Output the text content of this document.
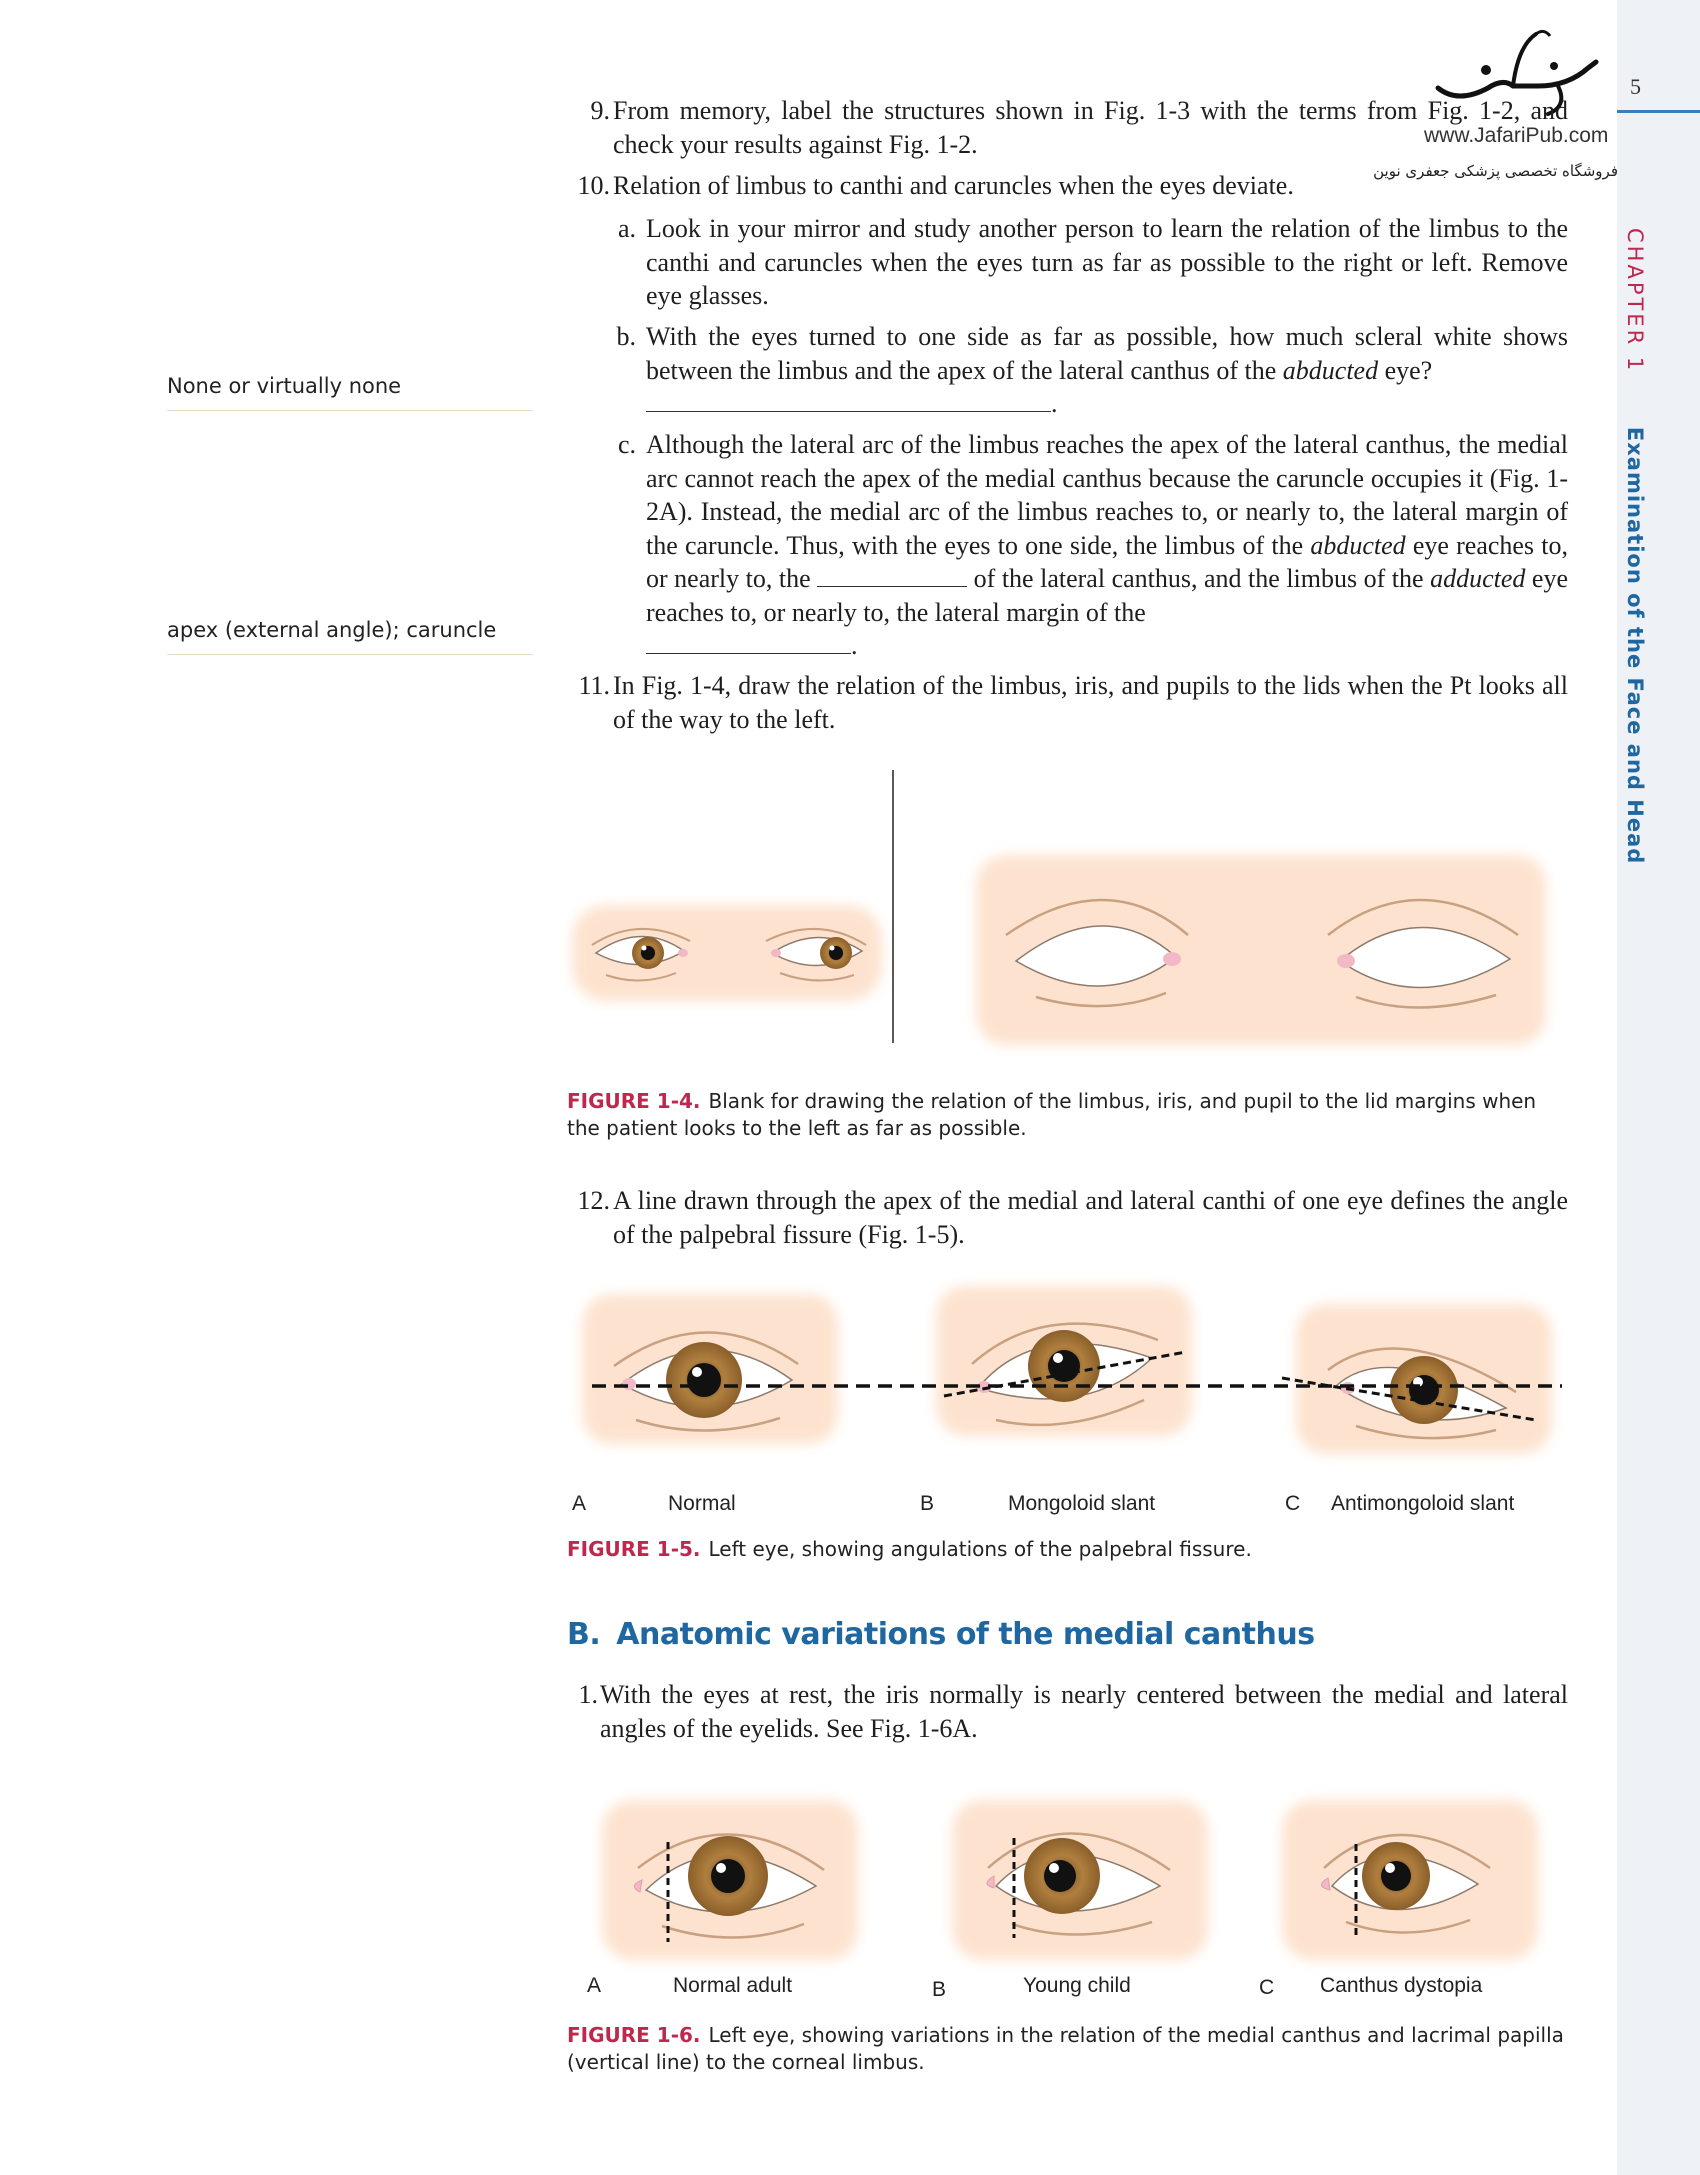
5
CHAPTER 1 Examination of the Face and Head
www.JafariPub.com
فروشگاه تخصصی پزشکی جعفری نوین
None or virtually none
apex (external angle); caruncle
9. From memory, label the structures shown in Fig. 1-3 with the terms from Fig. 1-2, and check your results against Fig. 1-2.
10. Relation of limbus to canthi and caruncles when the eyes deviate.
a. Look in your mirror and study another person to learn the relation of the limbus to the canthi and caruncles when the eyes turn as far as possible to the right or left. Remove eye glasses.
b. With the eyes turned to one side as far as possible, how much scleral white shows between the limbus and the apex of the lateral canthus of the abducted eye?
.
c. Although the lateral arc of the limbus reaches the apex of the lateral canthus, the medial arc cannot reach the apex of the medial canthus because the caruncle occupies it (Fig. 1-2A). Instead, the medial arc of the limbus reaches to, or nearly to, the lateral margin of the caruncle. Thus, with the eyes to one side, the limbus of the abducted eye reaches to, or nearly to, the	of the lateral canthus, and the limbus of the adducted eye reaches to, or nearly to, the lateral margin of the
.
11. In Fig. 1-4, draw the relation of the limbus, iris, and pupils to the lids when the Pt looks all of the way to the left.
12. A line drawn through the apex of the medial and lateral canthi of one eye defines the angle of the palpebral fissure (Fig. 1-5).
1. With the eyes at rest, the iris normally is nearly centered between the medial and lateral angles of the eyelids. See Fig. 1-6A.
FIGURE 1-4. Blank for drawing the relation of the limbus, iris, and pupil to the lid margins when the patient looks to the left as far as possible.
A	Normal	B	Mongoloid slant	C Antimongoloid slant
FIGURE 1-5. Left eye, showing angulations of the palpebral fissure.
B. Anatomic variations of the medial canthus
A	Normal adult	B	Young child	C Canthus dystopia
FIGURE 1-6. Left eye, showing variations in the relation of the medial canthus and lacrimal papilla (vertical line) to the corneal limbus.
